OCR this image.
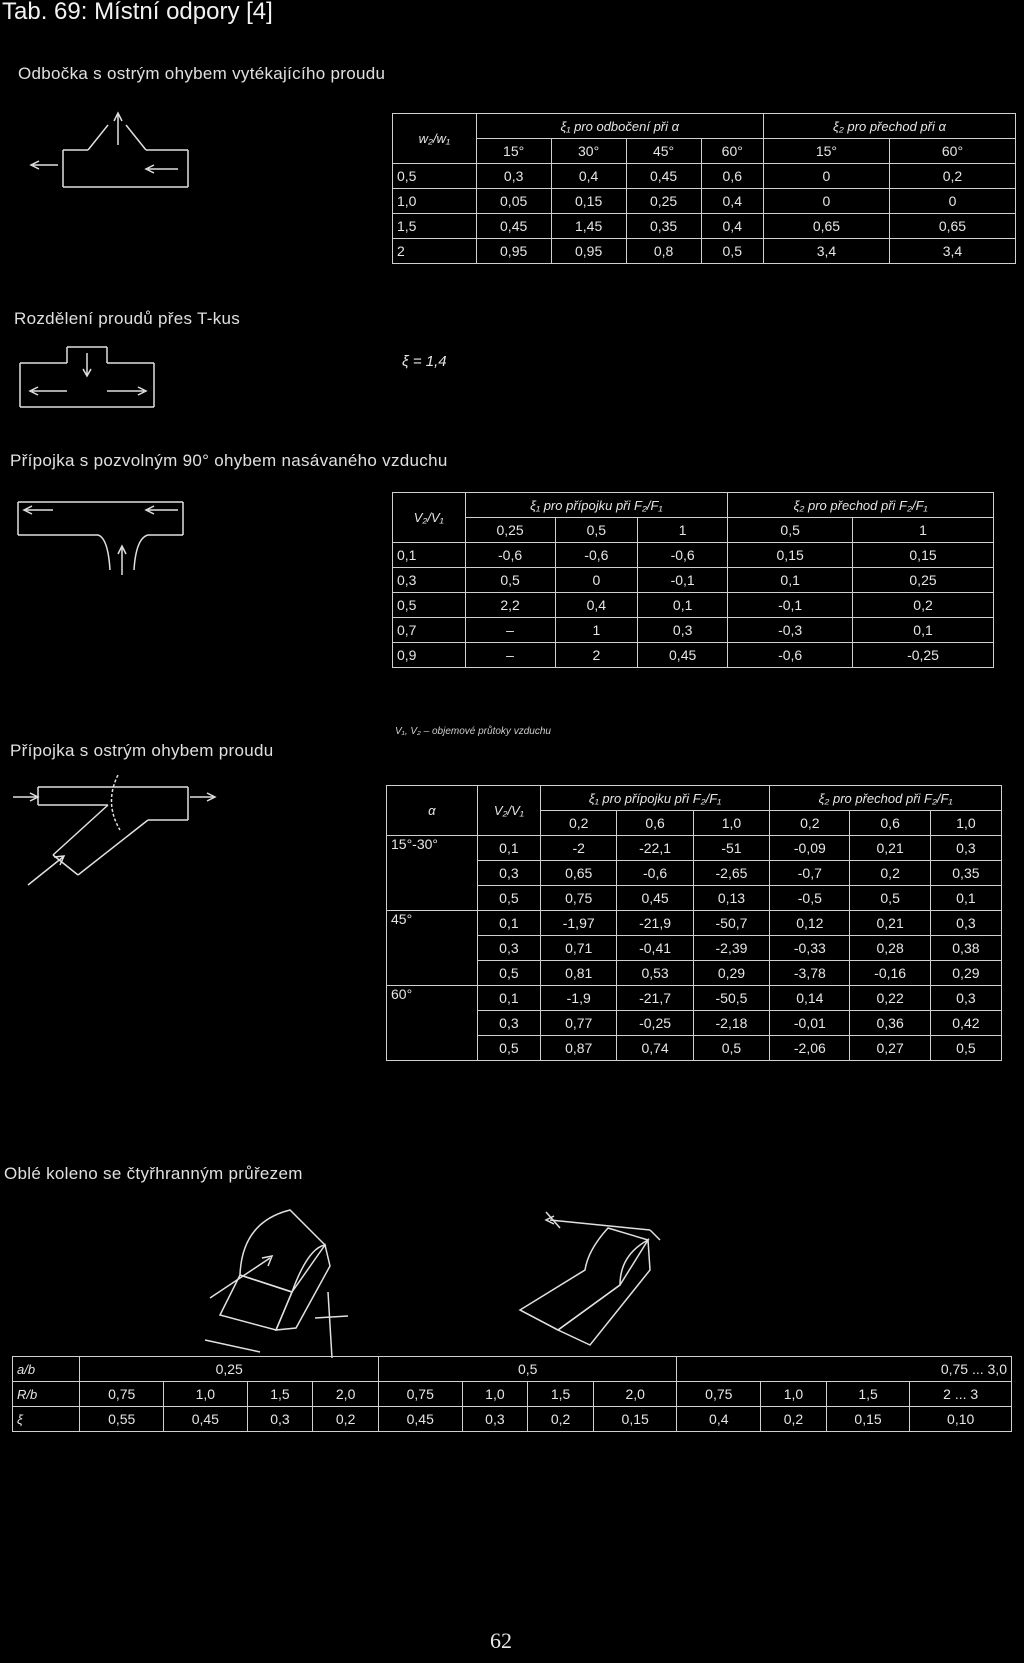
Tab. 69: Místní odpory [4]
Odbočka s ostrým ohybem vytékajícího proudu
w₂/w₁	ξ₁ pro odbočení při α				ξ₂ pro přechod při α	
	15°	30°	45°	60°	15°	60°
0,5	0,3	0,4	0,45	0,6	0	0,2
1,0	0,05	0,15	0,25	0,4	0	0
1,5	0,45	1,45	0,35	0,4	0,65	0,65
2	0,95	0,95	0,8	0,5	3,4	3,4
Rozdělení proudů přes T-kus
ξ = 1,4
Přípojka s pozvolným 90° ohybem nasávaného vzduchu
V₂/V₁	ξ₁ pro přípojku při F₂/F₁			ξ₂ pro přechod při F₂/F₁	
	0,25	0,5	1	0,5	1
0,1	-0,6	-0,6	-0,6	0,15	0,15
0,3	0,5	0	-0,1	0,1	0,25
0,5	2,2	0,4	0,1	-0,1	0,2
0,7	–	1	0,3	-0,3	0,1
0,9	–	2	0,45	-0,6	-0,25
V₁, V₂ – objemové průtoky vzduchu
Přípojka s ostrým ohybem proudu
α	V₂/V₁	ξ₁ pro přípojku při F₂/F₁			ξ₂ pro přechod při F₂/F₁		
		0,2	0,6	1,0	0,2	0,6	1,0
15°-30°	0,1	-2	-22,1	-51	-0,09	0,21	0,3
	0,3	0,65	-0,6	-2,65	-0,7	0,2	0,35
	0,5	0,75	0,45	0,13	-0,5	0,5	0,1
45°	0,1	-1,97	-21,9	-50,7	0,12	0,21	0,3
	0,3	0,71	-0,41	-2,39	-0,33	0,28	0,38
	0,5	0,81	0,53	0,29	-3,78	-0,16	0,29
60°	0,1	-1,9	-21,7	-50,5	0,14	0,22	0,3
	0,3	0,77	-0,25	-2,18	-0,01	0,36	0,42
	0,5	0,87	0,74	0,5	-2,06	0,27	0,5
Oblé koleno se čtyřhranným průřezem
a/b	0,25				0,5				0,75 ... 3,0			
R/b	0,75	1,0	1,5	2,0	0,75	1,0	1,5	2,0	0,75	1,0	1,5	2 ... 3
ξ	0,55	0,45	0,3	0,2	0,45	0,3	0,2	0,15	0,4	0,2	0,15	0,10
62
